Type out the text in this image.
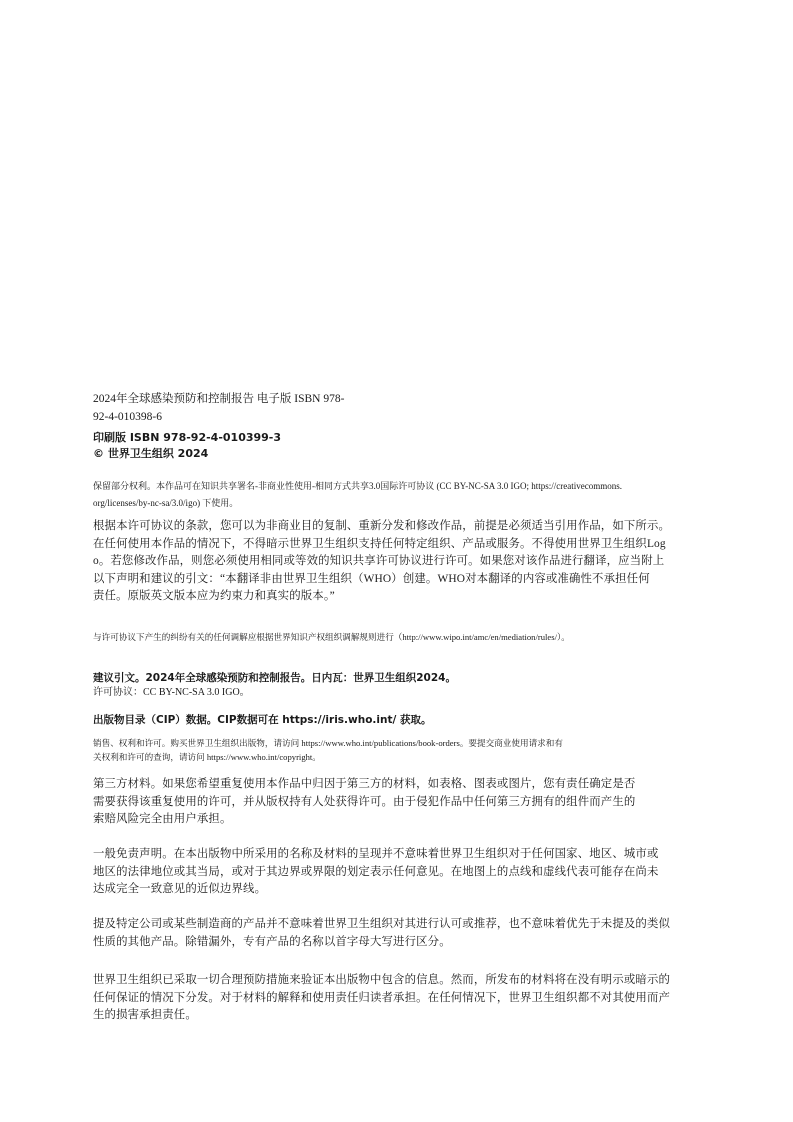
2024年全球感染预防和控制报告 电子版 ISBN 978-
92-4-010398-6
印刷版 ISBN 978-92-4-010399-3
© 世界卫生组织 2024
保留部分权利。本作品可在知识共享署名-非商业性使用-相同方式共享3.0国际许可协议 (CC BY-NC-SA 3.0 IGO; https://creativecommons.
org/licenses/by-nc-sa/3.0/igo) 下使用。
根据本许可协议的条款，您可以为非商业目的复制、重新分发和修改作品，前提是必须适当引用作品，如下所示。
在任何使用本作品的情况下，不得暗示世界卫生组织支持任何特定组织、产品或服务。不得使用世界卫生组织Log
o。若您修改作品，则您必须使用相同或等效的知识共享许可协议进行许可。如果您对该作品进行翻译，应当附上
以下声明和建议的引文：“本翻译非由世界卫生组织（WHO）创建。WHO对本翻译的内容或准确性不承担任何
责任。原版英文版本应为约束力和真实的版本。”
与许可协议下产生的纠纷有关的任何调解应根据世界知识产权组织调解规则进行（http://www.wipo.int/amc/en/mediation/rules/）。
建议引文。2024年全球感染预防和控制报告。日内瓦：世界卫生组织2024。
许可协议：CC BY-NC-SA 3.0 IGO。
出版物目录（CIP）数据。CIP数据可在 https://iris.who.int/ 获取。
销售、权利和许可。购买世界卫生组织出版物，请访问 https://www.who.int/publications/book-orders。要提交商业使用请求和有
关权利和许可的查询，请访问 https://www.who.int/copyright。
第三方材料。如果您希望重复使用本作品中归因于第三方的材料，如表格、图表或图片，您有责任确定是否
需要获得该重复使用的许可，并从版权持有人处获得许可。由于侵犯作品中任何第三方拥有的组件而产生的
索赔风险完全由用户承担。
一般免责声明。在本出版物中所采用的名称及材料的呈现并不意味着世界卫生组织对于任何国家、地区、城市或
地区的法律地位或其当局，或对于其边界或界限的划定表示任何意见。在地图上的点线和虚线代表可能存在尚未
达成完全一致意见的近似边界线。
提及特定公司或某些制造商的产品并不意味着世界卫生组织对其进行认可或推荐，也不意味着优先于未提及的类似
性质的其他产品。除错漏外，专有产品的名称以首字母大写进行区分。
世界卫生组织已采取一切合理预防措施来验证本出版物中包含的信息。然而，所发布的材料将在没有明示或暗示的
任何保证的情况下分发。对于材料的解释和使用责任归读者承担。在任何情况下，世界卫生组织都不对其使用而产
生的损害承担责任。
